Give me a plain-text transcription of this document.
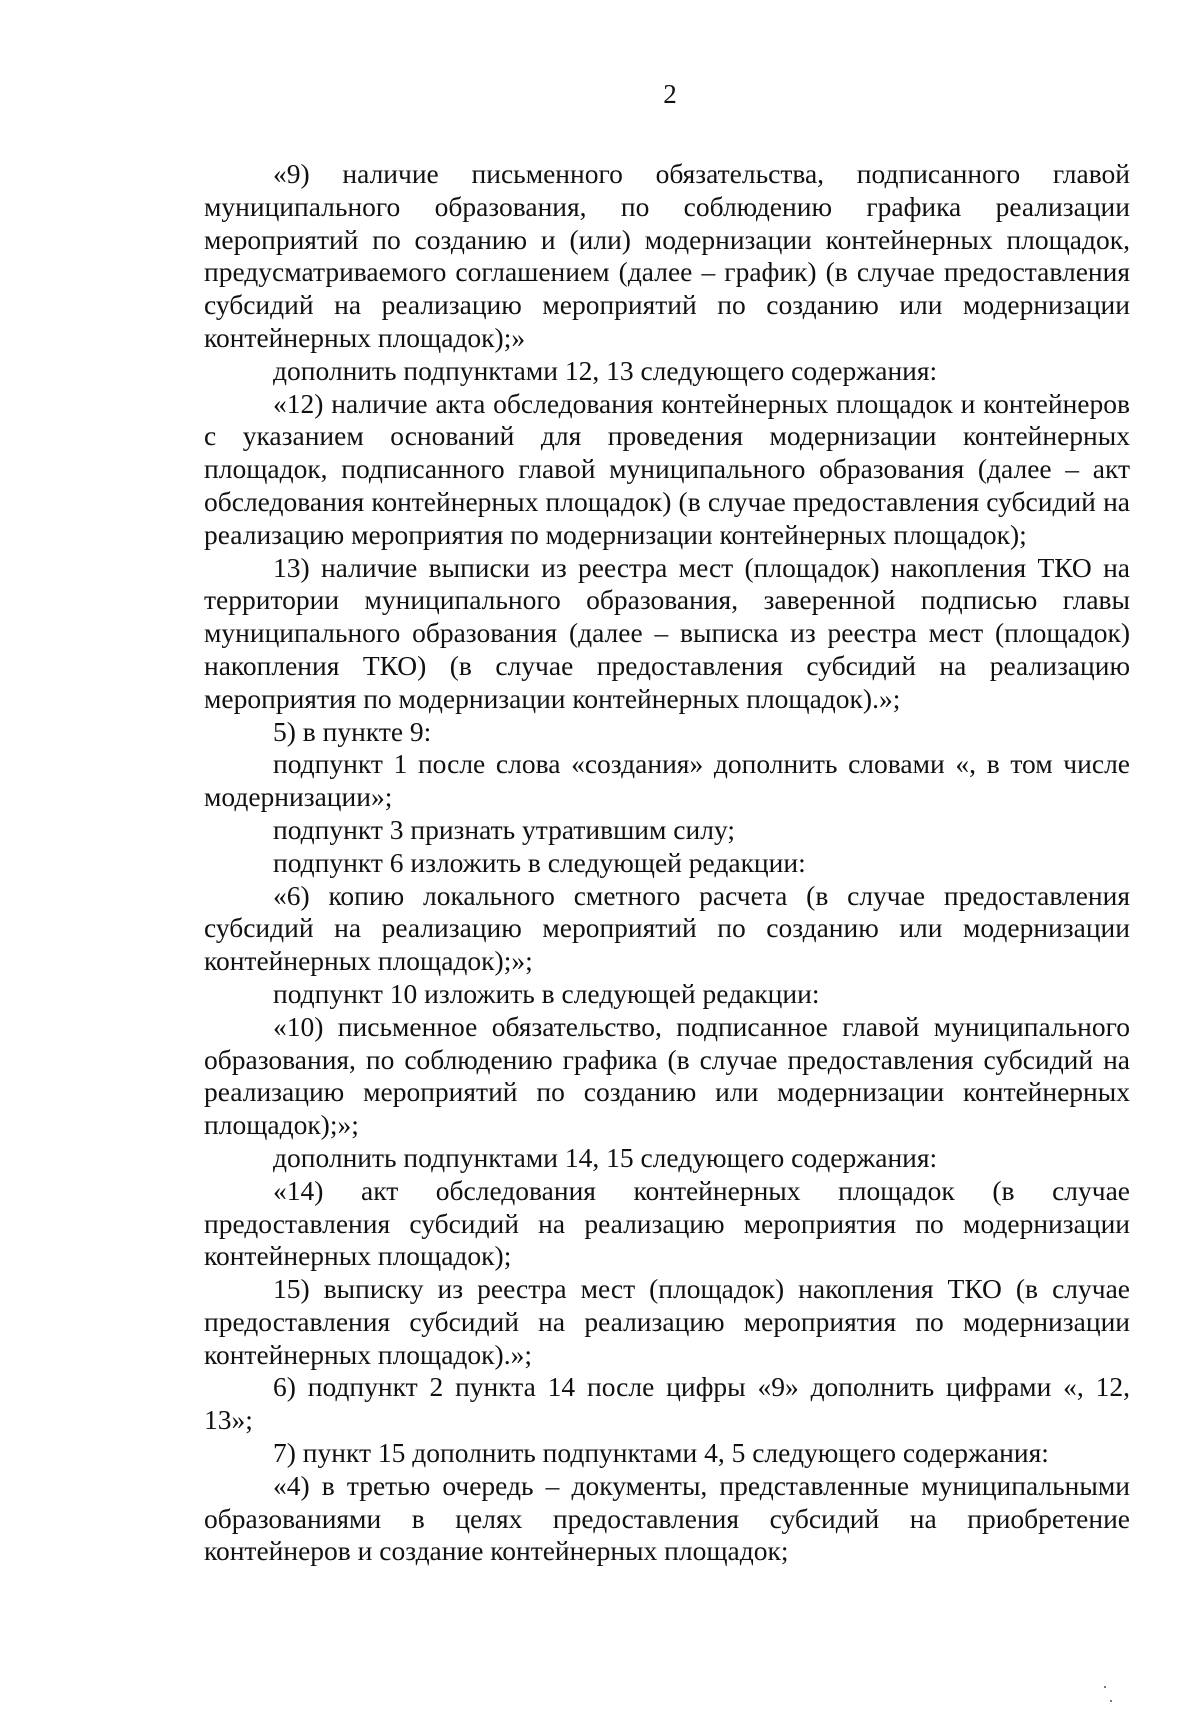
2

«9) наличие письменного обязательства, подписанного главой муниципального образования, по соблюдению графика реализации мероприятий по созданию и (или) модернизации контейнерных площадок, предусматриваемого соглашением (далее – график) (в случае предоставления субсидий на реализацию мероприятий по созданию или модернизации контейнерных площадок);»

дополнить подпунктами 12, 13 следующего содержания:

«12) наличие акта обследования контейнерных площадок и контейнеров с указанием оснований для проведения модернизации контейнерных площадок, подписанного главой муниципального образования (далее – акт обследования контейнерных площадок) (в случае предоставления субсидий на реализацию мероприятия по модернизации контейнерных площадок);

13) наличие выписки из реестра мест (площадок) накопления ТКО на территории муниципального образования, заверенной подписью главы муниципального образования (далее – выписка из реестра мест (площадок) накопления ТКО) (в случае предоставления субсидий на реализацию мероприятия по модернизации контейнерных площадок).»;

5) в пункте 9:

подпункт 1 после слова «создания» дополнить словами «, в том числе модернизации»;

подпункт 3 признать утратившим силу;

подпункт 6 изложить в следующей редакции:

«6) копию локального сметного расчета (в случае предоставления субсидий на реализацию мероприятий по созданию или модернизации контейнерных площадок);»;

подпункт 10 изложить в следующей редакции:

«10) письменное обязательство, подписанное главой муниципального образования, по соблюдению графика (в случае предоставления субсидий на реализацию мероприятий по созданию или модернизации контейнерных площадок);»;

дополнить подпунктами 14, 15 следующего содержания:

«14) акт обследования контейнерных площадок (в случае предоставления субсидий на реализацию мероприятия по модернизации контейнерных площадок);

15) выписку из реестра мест (площадок) накопления ТКО (в случае предоставления субсидий на реализацию мероприятия по модернизации контейнерных площадок).»;

6) подпункт 2 пункта 14 после цифры «9» дополнить цифрами «, 12, 13»;

7) пункт 15 дополнить подпунктами 4, 5 следующего содержания:

«4) в третью очередь – документы, представленные муниципальными образованиями в целях предоставления субсидий на приобретение контейнеров и создание контейнерных площадок;
